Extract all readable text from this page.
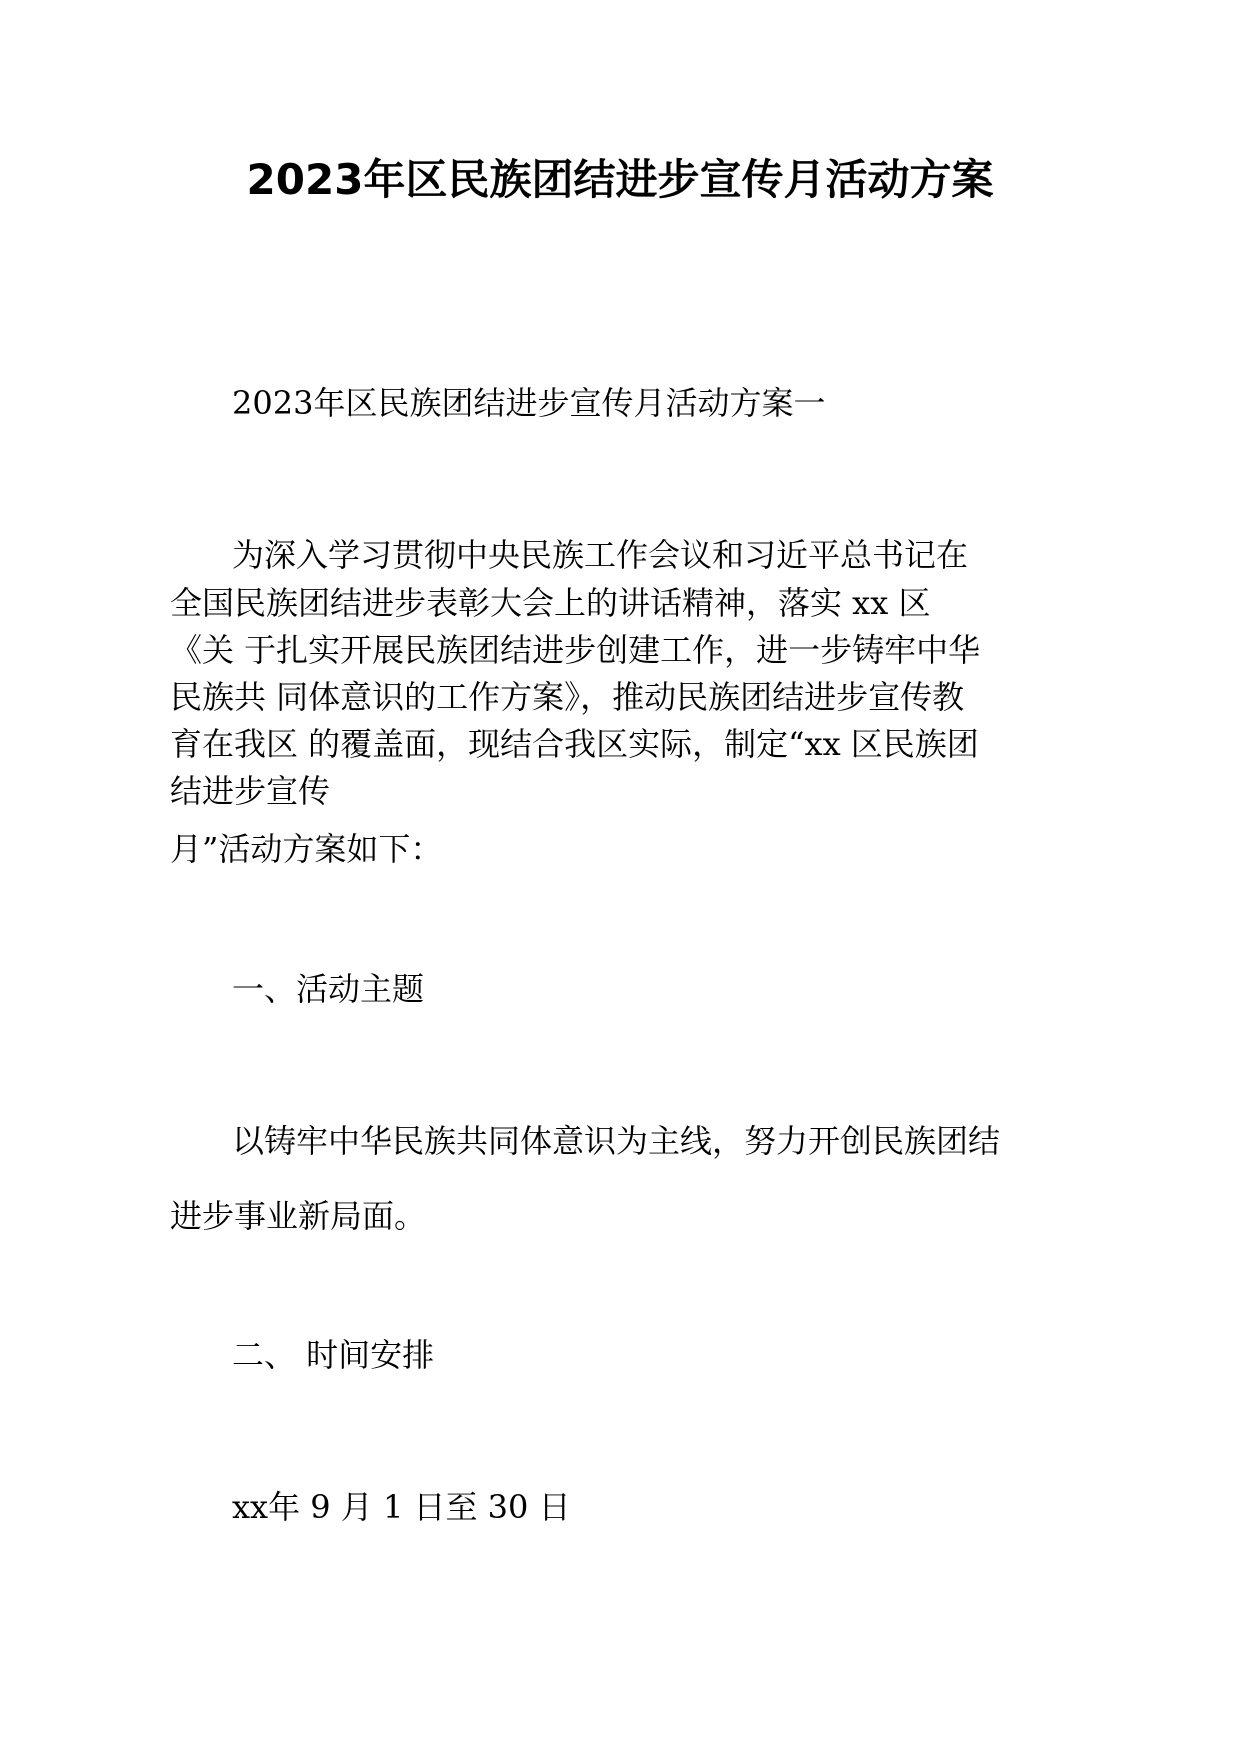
2023年区民族团结进步宣传月活动方案

2023年区民族团结进步宣传月活动方案一

为深入学习贯彻中央民族工作会议和习近平总书记在

全国民族团结进步表彰大会上的讲话精神，落实 xx 区

《关 于扎实开展民族团结进步创建工作，进一步铸牢中华

民族共 同体意识的工作方案》，推动民族团结进步宣传教

育在我区 的覆盖面，现结合我区实际，制定“xx 区民族团

结进步宣传

月”活动方案如下：

一、活动主题

以铸牢中华民族共同体意识为主线，努力开创民族团结

进步事业新局面。

二、 时间安排

xx年 9 月 1 日至 30 日
